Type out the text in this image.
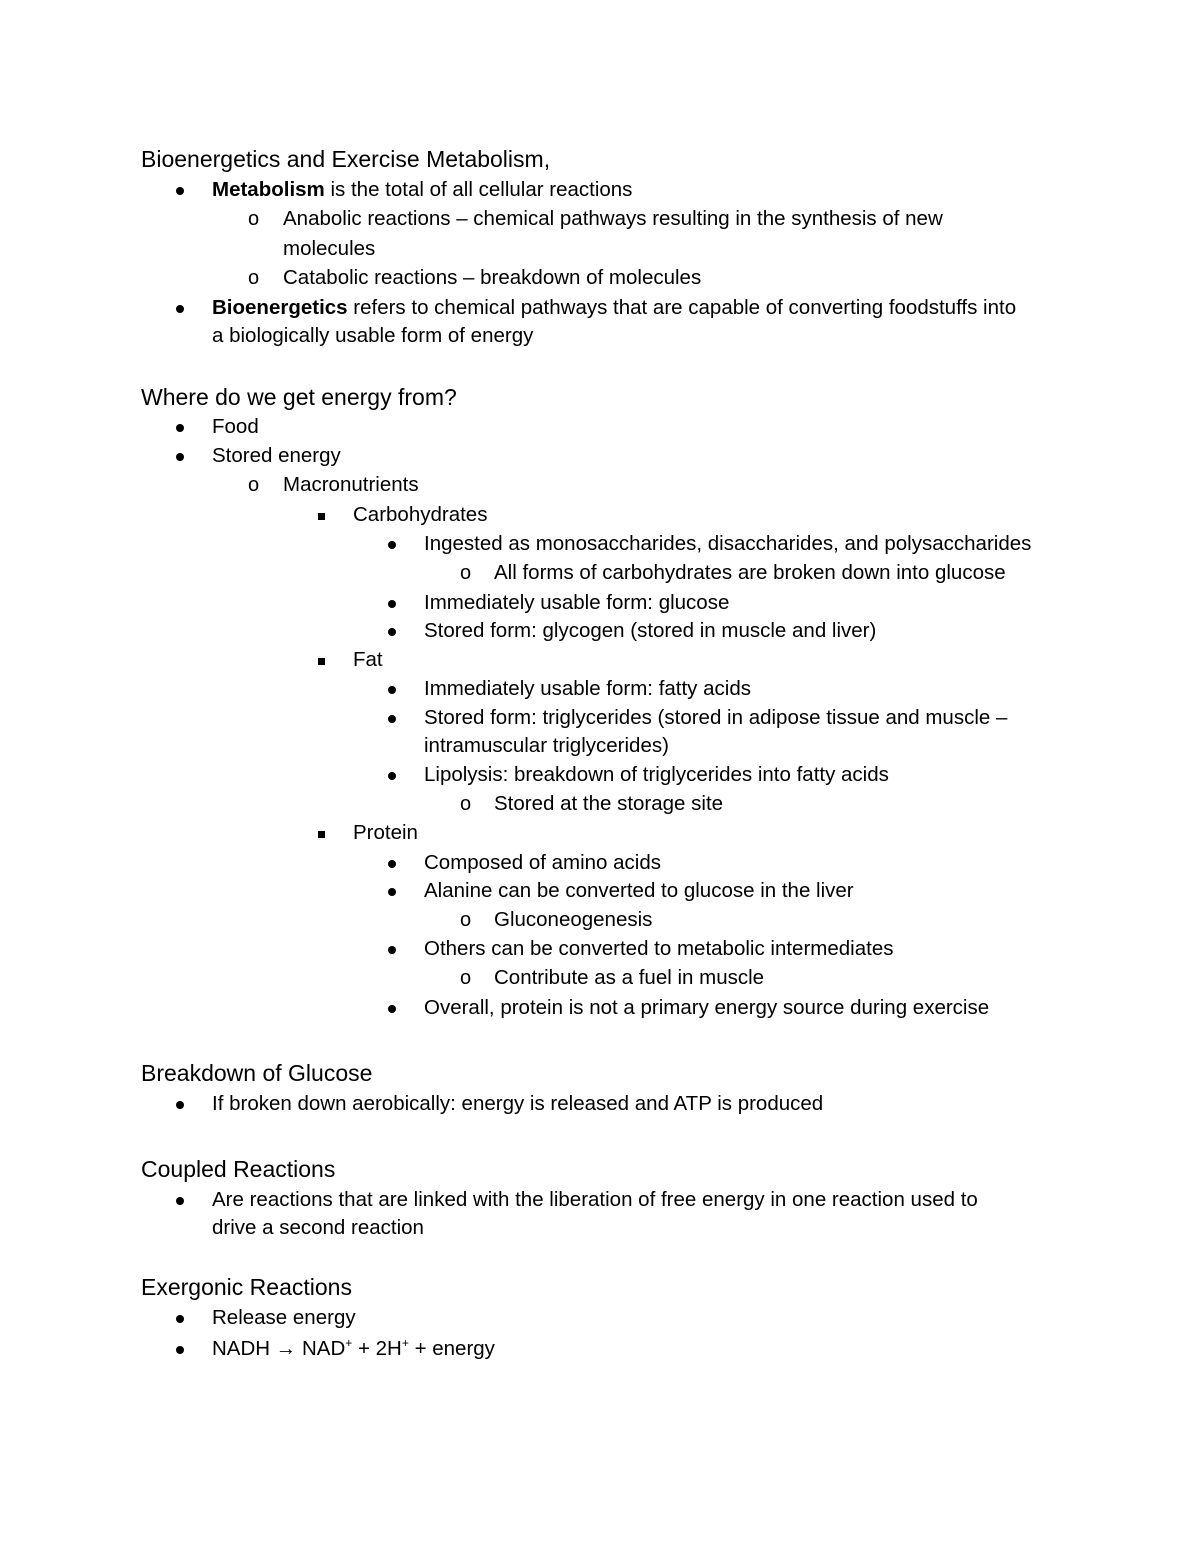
Bioenergetics and Exercise Metabolism,
Metabolism is the total of all cellular reactions
o Anabolic reactions – chemical pathways resulting in the synthesis of new
molecules
o Catabolic reactions – breakdown of molecules
Bioenergetics refers to chemical pathways that are capable of converting foodstuffs into
a biologically usable form of energy
Where do we get energy from?
Food
Stored energy
o Macronutrients
Carbohydrates
Ingested as monosaccharides, disaccharides, and polysaccharides
o All forms of carbohydrates are broken down into glucose
Immediately usable form: glucose
Stored form: glycogen (stored in muscle and liver)
Fat
Immediately usable form: fatty acids
Stored form: triglycerides (stored in adipose tissue and muscle –
intramuscular triglycerides)
Lipolysis: breakdown of triglycerides into fatty acids
o Stored at the storage site
Protein
Composed of amino acids
Alanine can be converted to glucose in the liver
o Gluconeogenesis
Others can be converted to metabolic intermediates
o Contribute as a fuel in muscle
Overall, protein is not a primary energy source during exercise
Breakdown of Glucose
If broken down aerobically: energy is released and ATP is produced
Coupled Reactions
Are reactions that are linked with the liberation of free energy in one reaction used to
drive a second reaction
Exergonic Reactions
Release energy
NADH → NAD+ + 2H+ + energy
